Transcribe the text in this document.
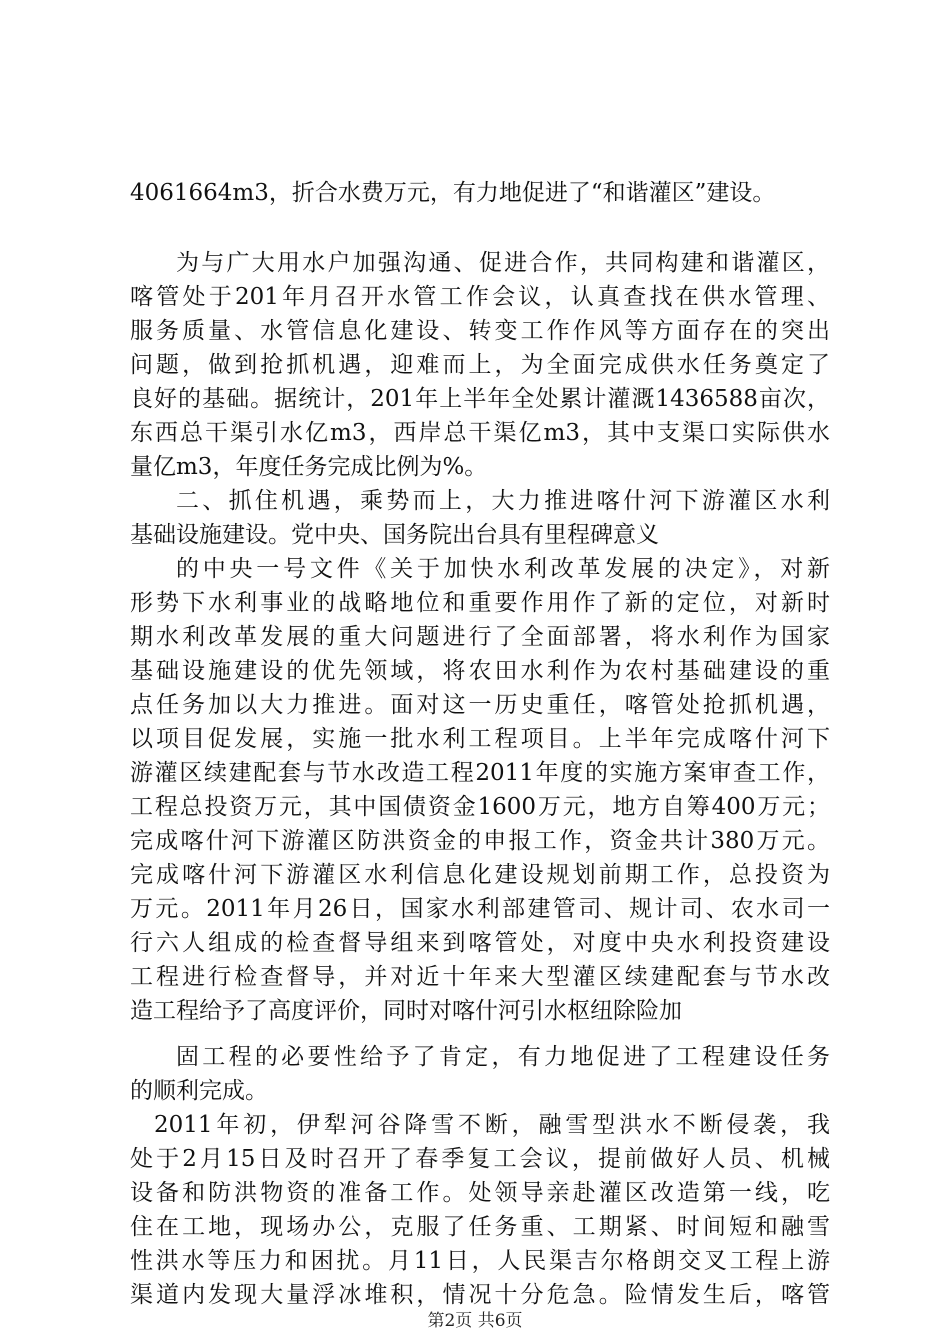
4061664m3，折合水费万元，有力地促进了“和谐灌区”建设。

为与广大用水户加强沟通、促进合作，共同构建和谐灌区，

喀管处于201年月召开水管工作会议，认真查找在供水管理、

服务质量、水管信息化建设、转变工作作风等方面存在的突出

问题，做到抢抓机遇，迎难而上，为全面完成供水任务奠定了

良好的基础。据统计，201年上半年全处累计灌溉1436588亩次，

东西总干渠引水亿m3，西岸总干渠亿m3，其中支渠口实际供水

量亿m3，年度任务完成比例为%。

二、抓住机遇，乘势而上，大力推进喀什河下游灌区水利

基础设施建设。党中央、国务院出台具有里程碑意义

的中央一号文件《关于加快水利改革发展的决定》，对新

形势下水利事业的战略地位和重要作用作了新的定位，对新时

期水利改革发展的重大问题进行了全面部署，将水利作为国家

基础设施建设的优先领域，将农田水利作为农村基础建设的重

点任务加以大力推进。面对这一历史重任，喀管处抢抓机遇，

以项目促发展，实施一批水利工程项目。上半年完成喀什河下

游灌区续建配套与节水改造工程2011年度的实施方案审查工作，

工程总投资万元，其中国债资金1600万元，地方自筹400万元；

完成喀什河下游灌区防洪资金的申报工作，资金共计380万元。

完成喀什河下游灌区水利信息化建设规划前期工作，总投资为

万元。2011年月26日，国家水利部建管司、规计司、农水司一

行六人组成的检查督导组来到喀管处，对度中央水利投资建设

工程进行检查督导，并对近十年来大型灌区续建配套与节水改

造工程给予了高度评价，同时对喀什河引水枢纽除险加

固工程的必要性给予了肯定，有力地促进了工程建设任务

的顺利完成。

2011年初，伊犁河谷降雪不断，融雪型洪水不断侵袭，我

处于2月15日及时召开了春季复工会议，提前做好人员、机械

设备和防洪物资的准备工作。处领导亲赴灌区改造第一线，吃

住在工地，现场办公，克服了任务重、工期紧、时间短和融雪

性洪水等压力和困扰。月11日，人民渠吉尔格朗交叉工程上游

渠道内发现大量浮冰堆积，情况十分危急。险情发生后，喀管

第2页 共6页
